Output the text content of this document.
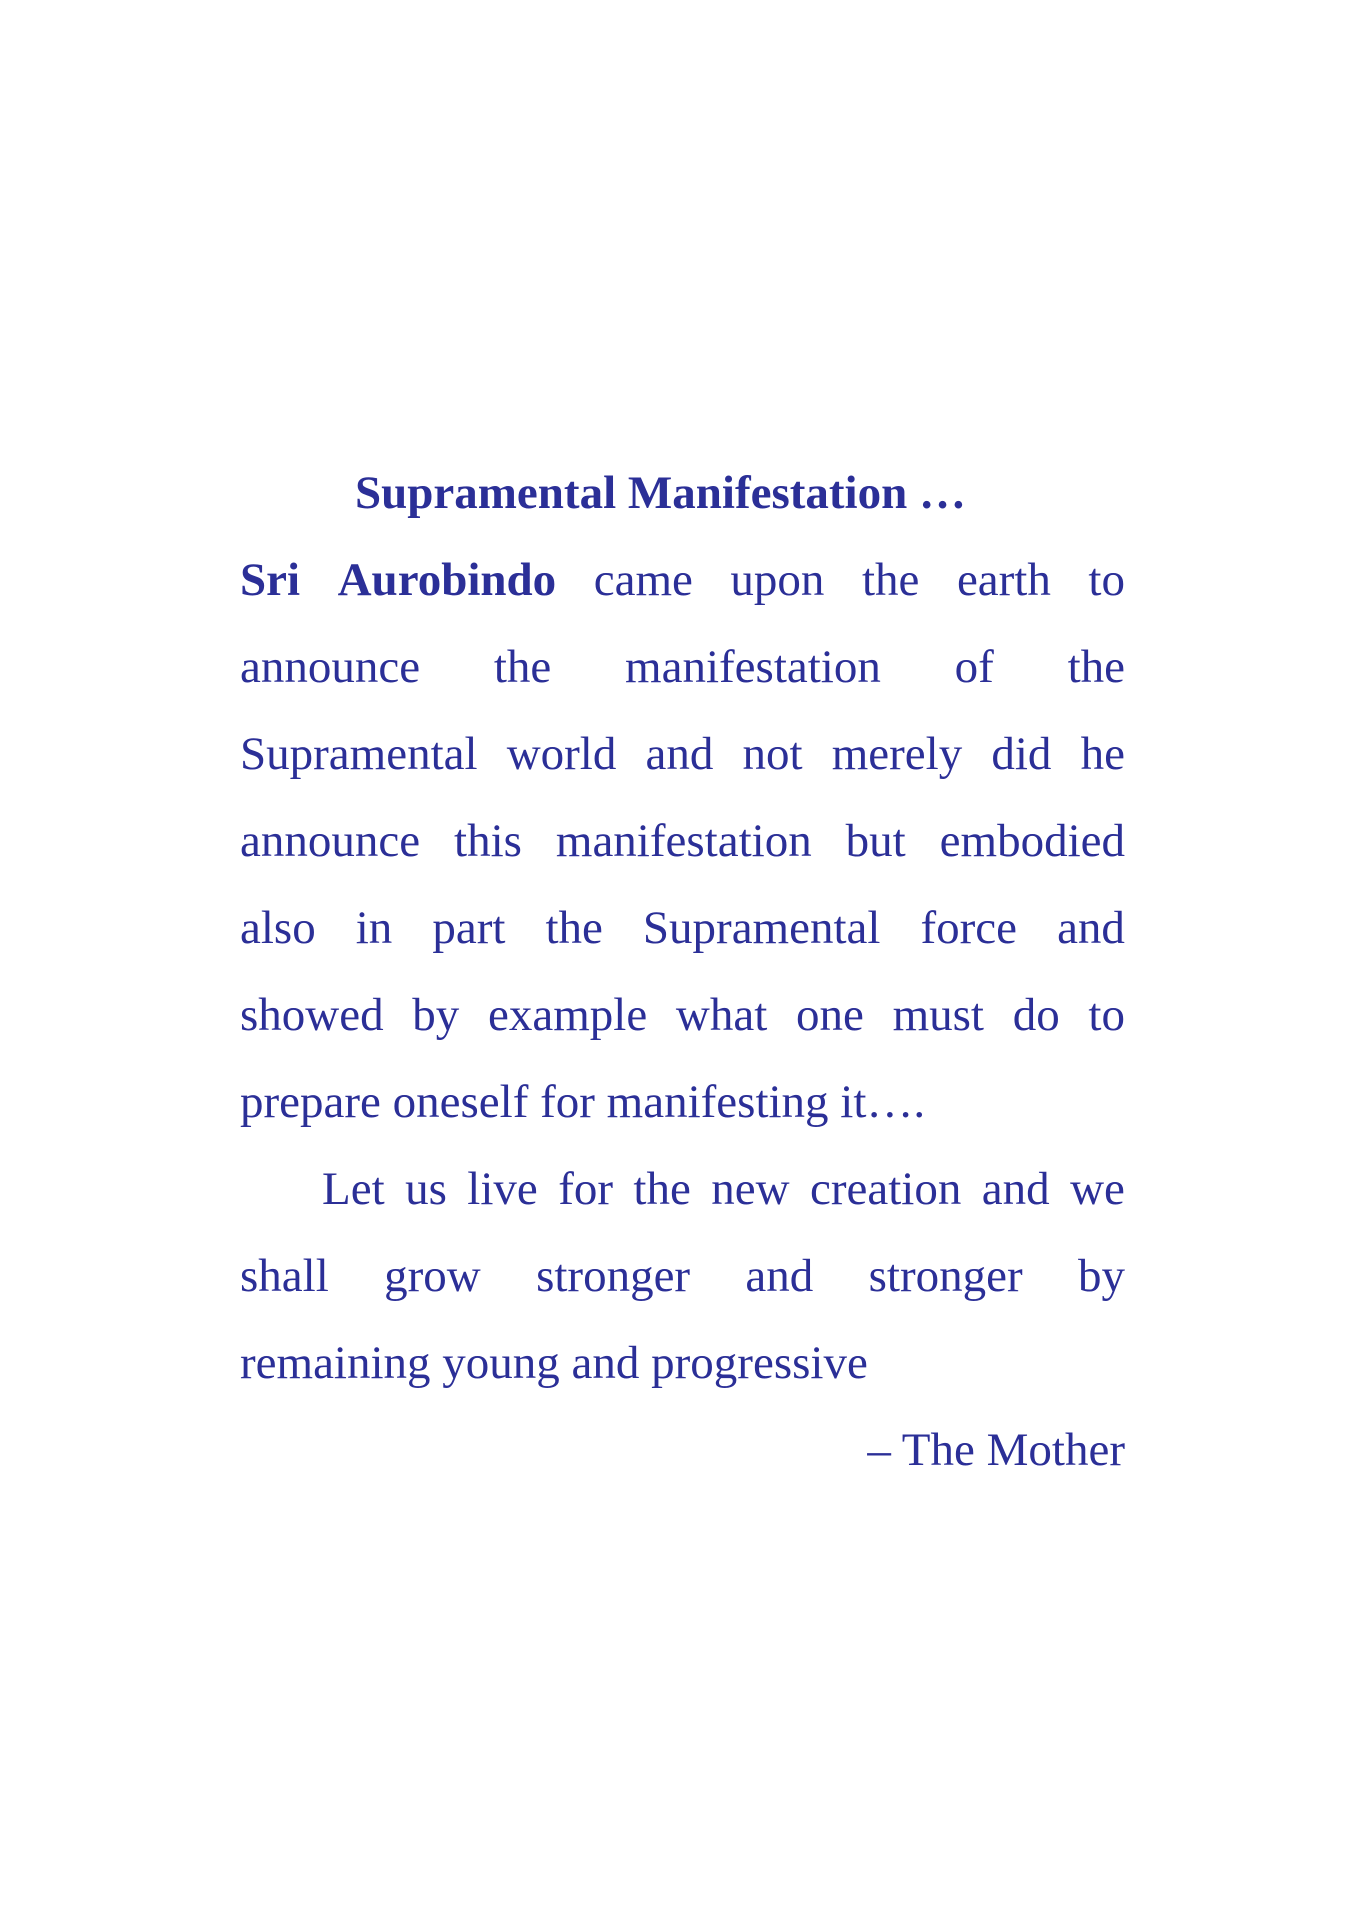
Supramental Manifestation …
Sri Aurobindo came upon the earth to
announce the manifestation of the
Supramental world and not merely did he
announce this manifestation but embodied
also in part the Supramental force and
showed by example what one must do to
prepare oneself for manifesting it….
Let us live for the new creation and we
shall grow stronger and stronger by
remaining young and progressive
– The Mother
